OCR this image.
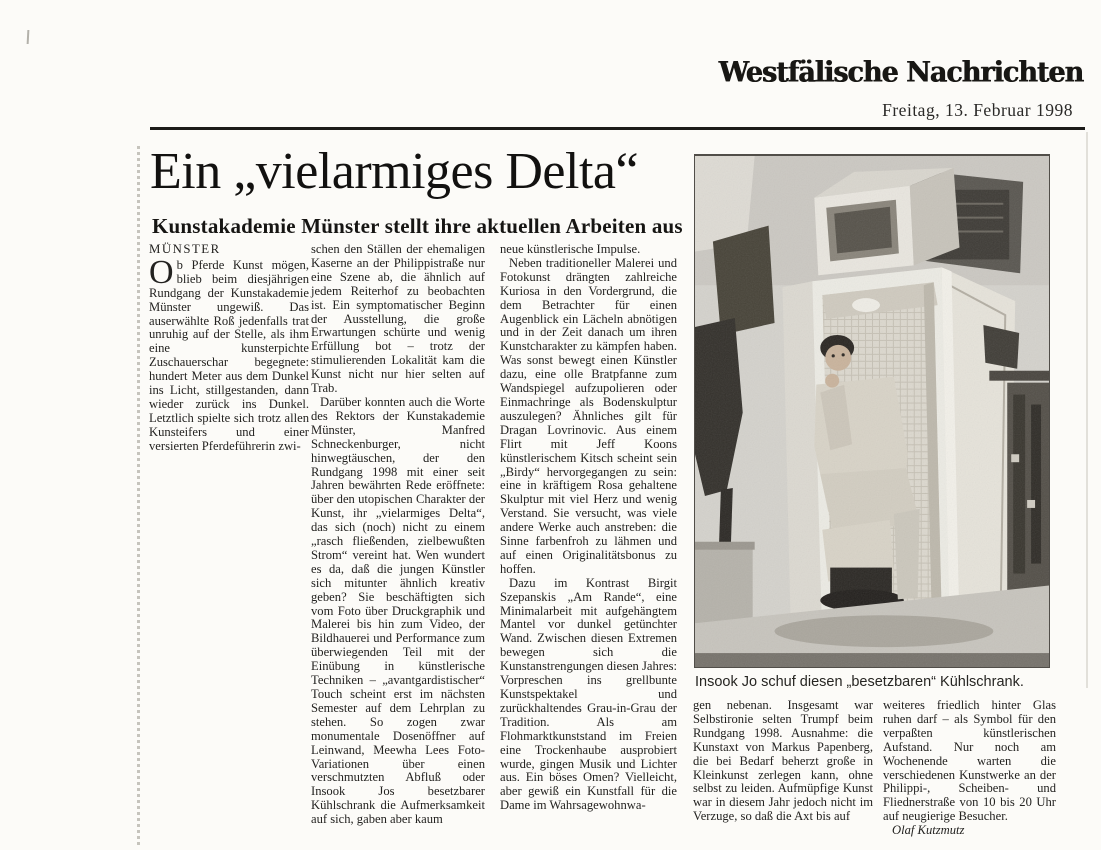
Westfälische Nachrichten
Freitag, 13. Februar 1998
Ein „vielarmiges Delta“
Kunstakademie Münster stellt ihre aktuellen Arbeiten aus
Insook Jo schuf diesen „besetzbaren“ Kühlschrank.
MÜNSTER

Ob Pferde Kunst mögen, blieb beim diesjährigen Rundgang der Kunstakademie Münster ungewiß. Das auserwählte Roß jedenfalls trat unruhig auf der Stelle, als ihm eine kunsterpichte Zuschauerschar begegnete: hundert Meter aus dem Dunkel ins Licht, stillgestanden, dann wieder zurück ins Dunkel. Letztlich spielte sich trotz allen Kunsteifers und einer versierten Pferdeführerin zwi-

schen den Ställen der ehemaligen Kaserne an der Philippistraße nur eine Szene ab, die ähnlich auf jedem Reiterhof zu beobachten ist. Ein symptomatischer Beginn der Ausstellung, die große Erwartungen schürte und wenig Erfüllung bot – trotz der stimulierenden Lokalität kam die Kunst nicht nur hier selten auf Trab.

Darüber konnten auch die Worte des Rektors der Kunstakademie Münster, Manfred Schneckenburger, nicht hinwegtäuschen, der den Rundgang 1998 mit einer seit Jahren bewährten Rede eröffnete: über den utopischen Charakter der Kunst, ihr „vielarmiges Delta“, das sich (noch) nicht zu einem „rasch fließenden, zielbewußten Strom“ vereint hat. Wen wundert es da, daß die jungen Künstler sich mitunter ähnlich kreativ geben? Sie beschäftigten sich vom Foto über Druckgraphik und Malerei bis hin zum Video, der Bildhauerei und Performance zum überwiegenden Teil mit der Einübung in künstlerische Techniken – „avantgardistischer“ Touch scheint erst im nächsten Semester auf dem Lehrplan zu stehen. So zogen zwar monumentale Dosenöffner auf Leinwand, Meewha Lees Foto-Variationen über einen verschmutzten Abfluß oder Insook Jos besetzbarer Kühlschrank die Aufmerksamkeit auf sich, gaben aber kaum

neue künstlerische Impulse.

Neben traditioneller Malerei und Fotokunst drängten zahlreiche Kuriosa in den Vordergrund, die dem Betrachter für einen Augenblick ein Lächeln abnötigen und in der Zeit danach um ihren Kunstcharakter zu kämpfen haben. Was sonst bewegt einen Künstler dazu, eine olle Bratpfanne zum Wandspiegel aufzupolieren oder Einmachringe als Bodenskulptur auszulegen? Ähnliches gilt für Dragan Lovrinovic. Aus einem Flirt mit Jeff Koons künstlerischem Kitsch scheint sein „Birdy“ hervorgegangen zu sein: eine in kräftigem Rosa gehaltene Skulptur mit viel Herz und wenig Verstand. Sie versucht, was viele andere Werke auch anstreben: die Sinne farbenfroh zu lähmen und auf einen Originalitätsbonus zu hoffen.

Dazu im Kontrast Birgit Szepanskis „Am Rande“, eine Minimalarbeit mit aufgehängtem Mantel vor dunkel getünchter Wand. Zwischen diesen Extremen bewegen sich die Kunstanstrengungen diesen Jahres: Vorpreschen ins grellbunte Kunstspektakel und zurückhaltendes Grau-in-Grau der Tradition. Als am Flohmarktkunststand im Freien eine Trockenhaube ausprobiert wurde, gingen Musik und Lichter aus. Ein böses Omen? Vielleicht, aber gewiß ein Kunstfall für die Dame im Wahrsagewohnwa-

gen nebenan. Insgesamt war Selbstironie selten Trumpf beim Rundgang 1998. Ausnahme: die Kunstaxt von Markus Papenberg, die bei Bedarf beherzt große in Kleinkunst zerlegen kann, ohne selbst zu leiden. Aufmüpfige Kunst war in diesem Jahr jedoch nicht im Verzuge, so daß die Axt bis auf

weiteres friedlich hinter Glas ruhen darf – als Symbol für den verpaßten künstlerischen Aufstand. Nur noch am Wochenende warten die verschiedenen Kunstwerke an der Philippi-, Scheiben- und Fliednerstraße von 10 bis 20 Uhr auf neugierige Besucher.

Olaf Kutzmutz
